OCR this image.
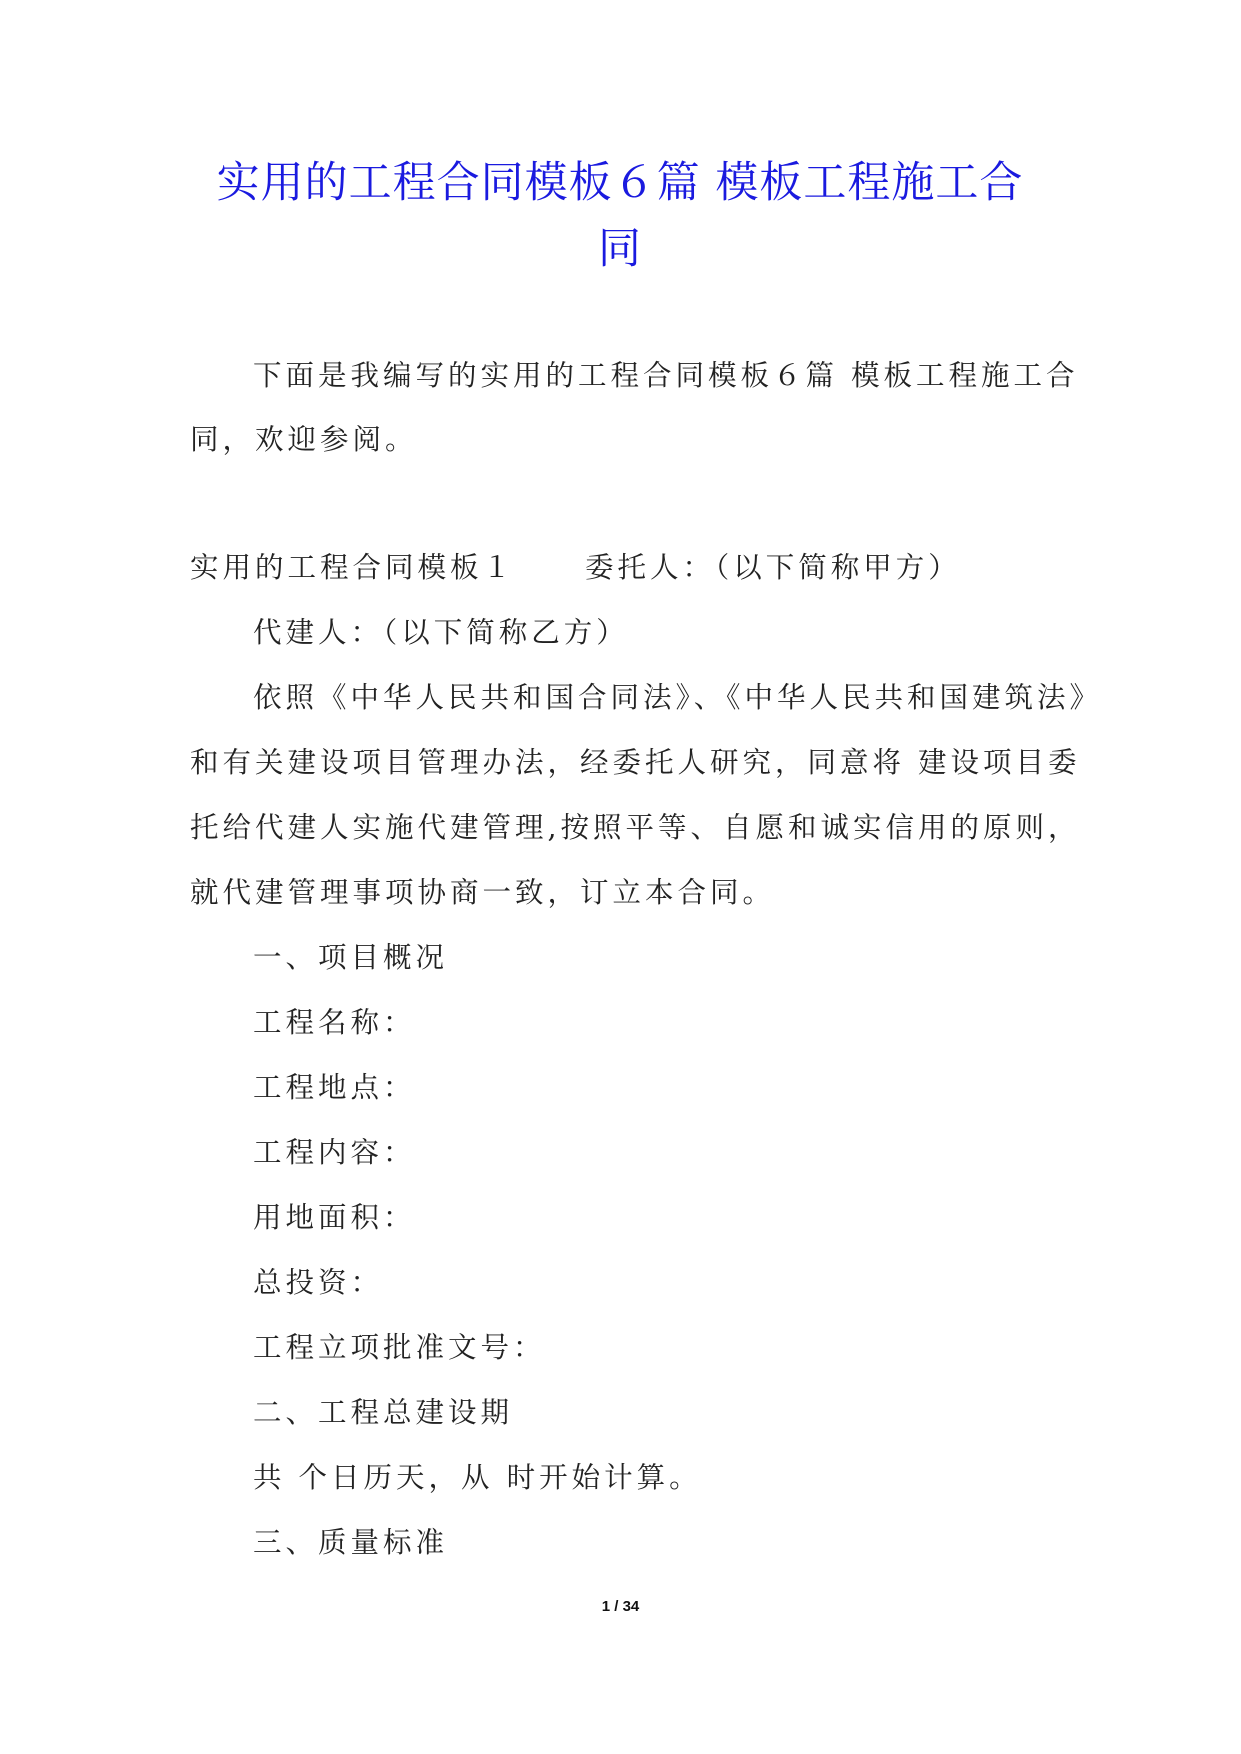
实用的工程合同模板６篇 模板工程施工合
同
下面是我编写的实用的工程合同模板６篇 模板工程施工合
同，欢迎参阅。
实用的工程合同模板１ 委托人：（以下简称甲方）
代建人：（以下简称乙方）
依照《中华人民共和国合同法》、《中华人民共和国建筑法》
和有关建设项目管理办法，经委托人研究，同意将 建设项目委
托给代建人实施代建管理,按照平等、自愿和诚实信用的原则，
就代建管理事项协商一致，订立本合同。
一、项目概况
工程名称：
工程地点：
工程内容：
用地面积：
总投资：
工程立项批准文号：
二、工程总建设期
共 个日历天，从 时开始计算。
三、质量标准
1 / 34
